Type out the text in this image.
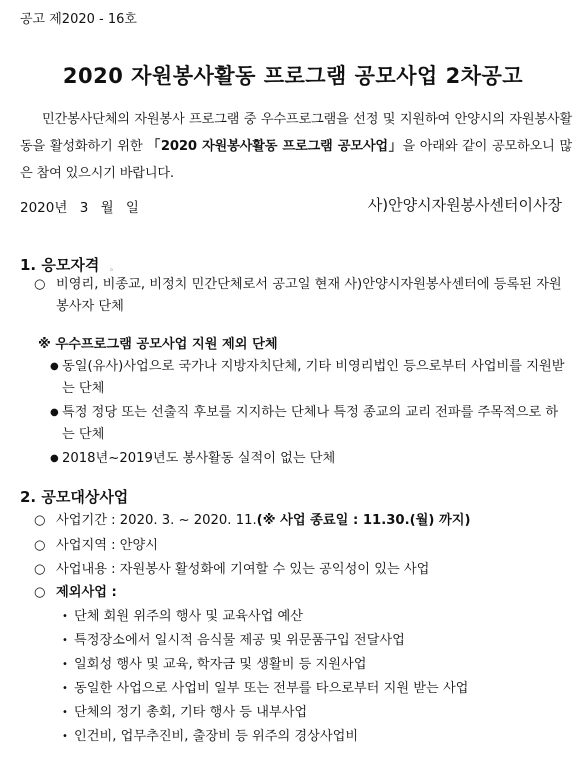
공고 제2020 - 16호
2020 자원봉사활동 프로그램 공모사업 2차공고
민간봉사단체의 자원봉사 프로그램 중 우수프로그램을 선정 및 지원하여 안양시의 자원봉사활동을 활성화하기 위한 「2020 자원봉사활동 프로그램 공모사업」을 아래와 같이 공모하오니 많은 참여 있으시기 바랍니다.
2020년 3 월 일	사)안양시자원봉사센터이사장
1. 응모자격 。
○ 비영리, 비종교, 비정치 민간단체로서 공고일 현재 사)안양시자원봉사센터에 등록된 자원봉사자 단체
※ 우수프로그램 공모사업 지원 제외 단체
● 동일(유사)사업으로 국가나 지방자치단체, 기타 비영리법인 등으로부터 사업비를 지원받는 단체
● 특정 정당 또는 선출직 후보를 지지하는 단체나 특정 종교의 교리 전파를 주목적으로 하는 단체
● 2018년~2019년도 봉사활동 실적이 없는 단체
2. 공모대상사업
○ 사업기간 : 2020. 3. ~ 2020. 11.(※ 사업 종료일 : 11.30.(월) 까지)
○ 사업지역 : 안양시
○ 사업내용 : 자원봉사 활성화에 기여할 수 있는 공익성이 있는 사업
○ 제외사업 :
• 단체 회원 위주의 행사 및 교육사업 예산
• 특정장소에서 일시적 음식물 제공 및 위문품구입 전달사업
• 일회성 행사 및 교육, 학자금 및 생활비 등 지원사업
• 동일한 사업으로 사업비 일부 또는 전부를 타으로부터 지원 받는 사업
• 단체의 정기 총회, 기타 행사 등 내부사업
• 인건비, 업무추진비, 출장비 등 위주의 경상사업비
